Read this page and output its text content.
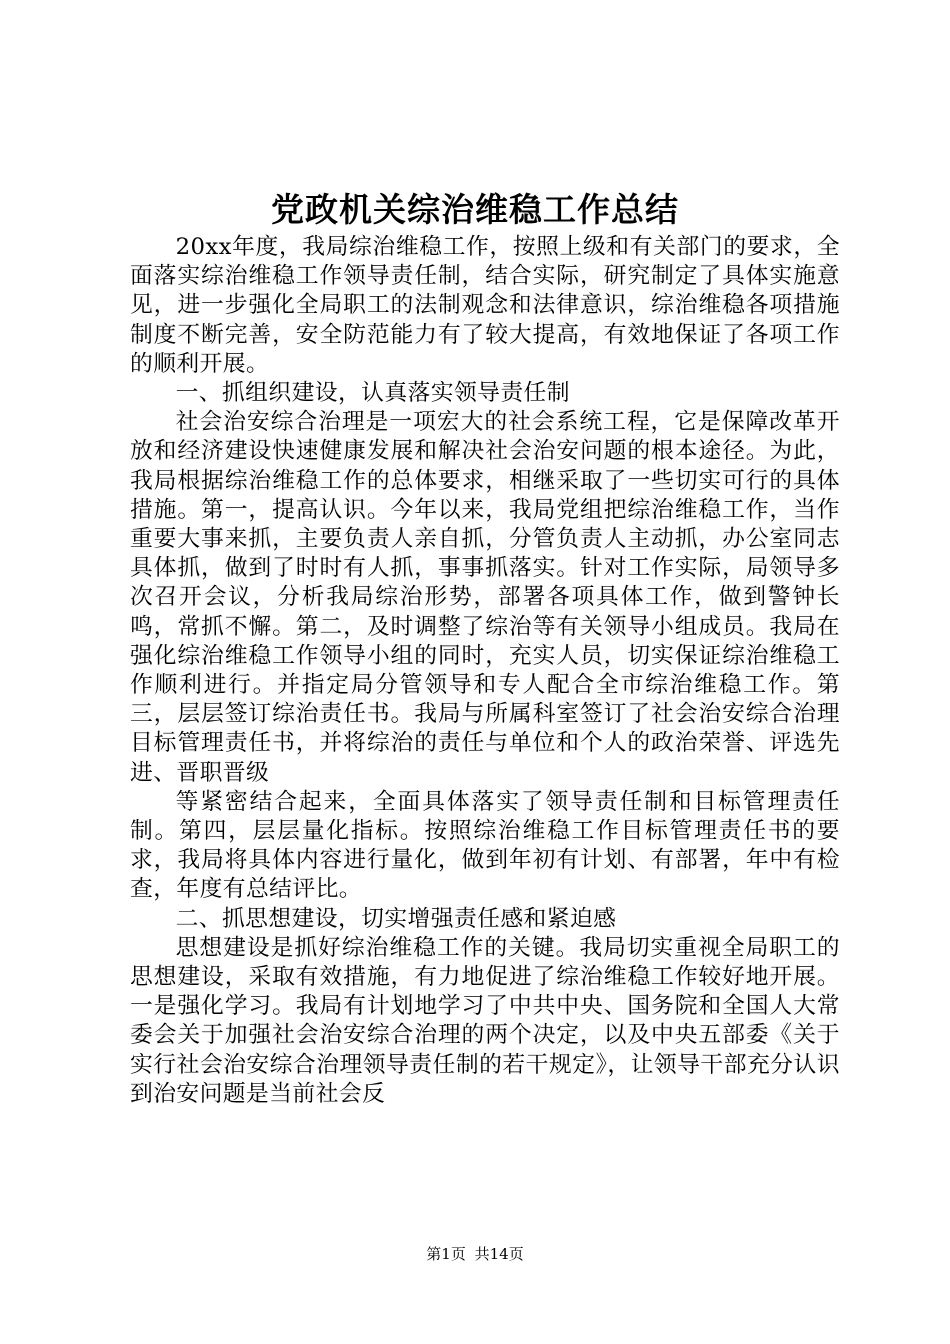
党政机关综治维稳工作总结

20xx年度，我局综治维稳工作，按照上级和有关部门的要求，全面落实综治维稳工作领导责任制，结合实际，研究制定了具体实施意见，进一步强化全局职工的法制观念和法律意识，综治维稳各项措施制度不断完善，安全防范能力有了较大提高，有效地保证了各项工作的顺利开展。

一、抓组织建设，认真落实领导责任制

社会治安综合治理是一项宏大的社会系统工程，它是保障改革开放和经济建设快速健康发展和解决社会治安问题的根本途径。为此，我局根据综治维稳工作的总体要求，相继采取了一些切实可行的具体措施。第一，提高认识。今年以来，我局党组把综治维稳工作，当作重要大事来抓，主要负责人亲自抓，分管负责人主动抓，办公室同志具体抓，做到了时时有人抓，事事抓落实。针对工作实际，局领导多次召开会议，分析我局综治形势，部署各项具体工作，做到警钟长鸣，常抓不懈。第二，及时调整了综治等有关领导小组成员。我局在强化综治维稳工作领导小组的同时，充实人员，切实保证综治维稳工作顺利进行。并指定局分管领导和专人配合全市综治维稳工作。第三，层层签订综治责任书。我局与所属科室签订了社会治安综合治理目标管理责任书，并将综治的责任与单位和个人的政治荣誉、评选先进、晋职晋级

等紧密结合起来，全面具体落实了领导责任制和目标管理责任制。第四，层层量化指标。按照综治维稳工作目标管理责任书的要求，我局将具体内容进行量化，做到年初有计划、有部署，年中有检查，年度有总结评比。

二、抓思想建设，切实增强责任感和紧迫感

思想建设是抓好综治维稳工作的关键。我局切实重视全局职工的思想建设，采取有效措施，有力地促进了综治维稳工作较好地开展。一是强化学习。我局有计划地学习了中共中央、国务院和全国人大常委会关于加强社会治安综合治理的两个决定，以及中央五部委《关于实行社会治安综合治理领导责任制的若干规定》，让领导干部充分认识到治安问题是当前社会反

第1页 共14页
